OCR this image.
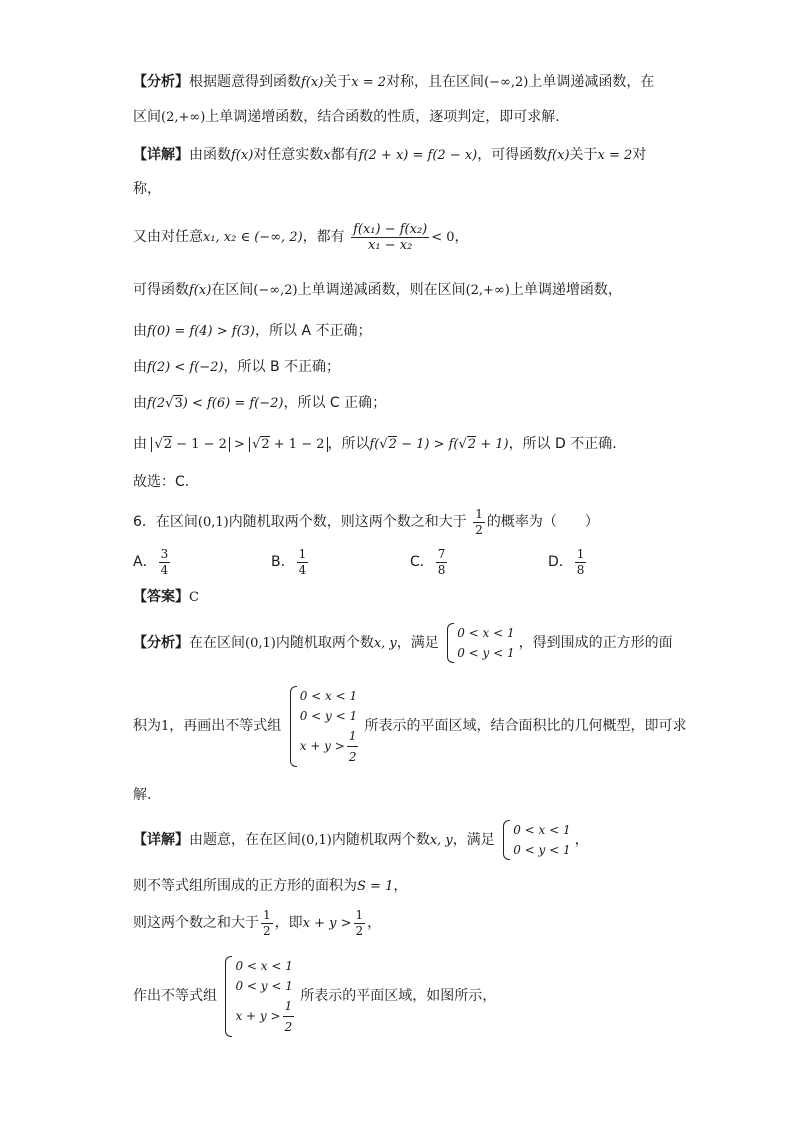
【分析】根据题意得到函数f(x)关于x = 2对称，且在区间(−∞,2)上单调递减函数，在
区间(2,+∞)上单调递增函数，结合函数的性质，逐项判定，即可求解．
【详解】由函数f(x)对任意实数x都有f(2 + x) = f(2 − x)，可得函数f(x)关于x = 2对
称，
又由对任意x₁, x₂ ∈ (−∞, 2)，都有 $\frac{\text{f(x₁) − f(x₂)}}{\text{x₁ − x₂}} < 0$，
可得函数f(x)在区间(−∞,2)上单调递减函数，则在区间(2,+∞)上单调递增函数，
由f(0) = f(4) > f(3)，所以 A 不正确；
由f(2) < f(−2)，所以 B 不正确；
由f(2√3) < f(6) = f(−2)，所以 C 正确；
由 √2 − 1 − 2 > √2 + 1 − 2 ，所以f(√2 − 1) > f(√2 + 1)，所以 D 不正确.
故选：C.
6．在区间(0,1)内随机取两个数，则这两个数之和大于 $\frac{1}{2}$ 的概率为（　　）
A． $\frac{3}{4}$	B． $\frac{1}{4}$	C． $\frac{7}{8}$	D． $\frac{1}{8}$
【答案】C
【分析】在在区间(0,1)内随机取两个数x, y，满足
0 < x < 1
0 < y < 1
，得到围成的正方形的面
积为1，再画出不等式组
0 < x < 1
0 < y < 1
$x + y > \frac{1}{2}$ 所表示的平面区域，结合面积比的几何概型，即可求
解.
【详解】由题意，在在区间(0,1)内随机取两个数x, y，满足
0 < x < 1
0 < y < 1
，
则不等式组所围成的正方形的面积为S = 1，
则这两个数之和大于 $\frac{1}{2}$ ，即$x + y > \frac{1}{2}$ ，
作出不等式组
0 < x < 1
0 < y < 1
$x + y > \frac{1}{2}$ 所表示的平面区域，如图所示，
